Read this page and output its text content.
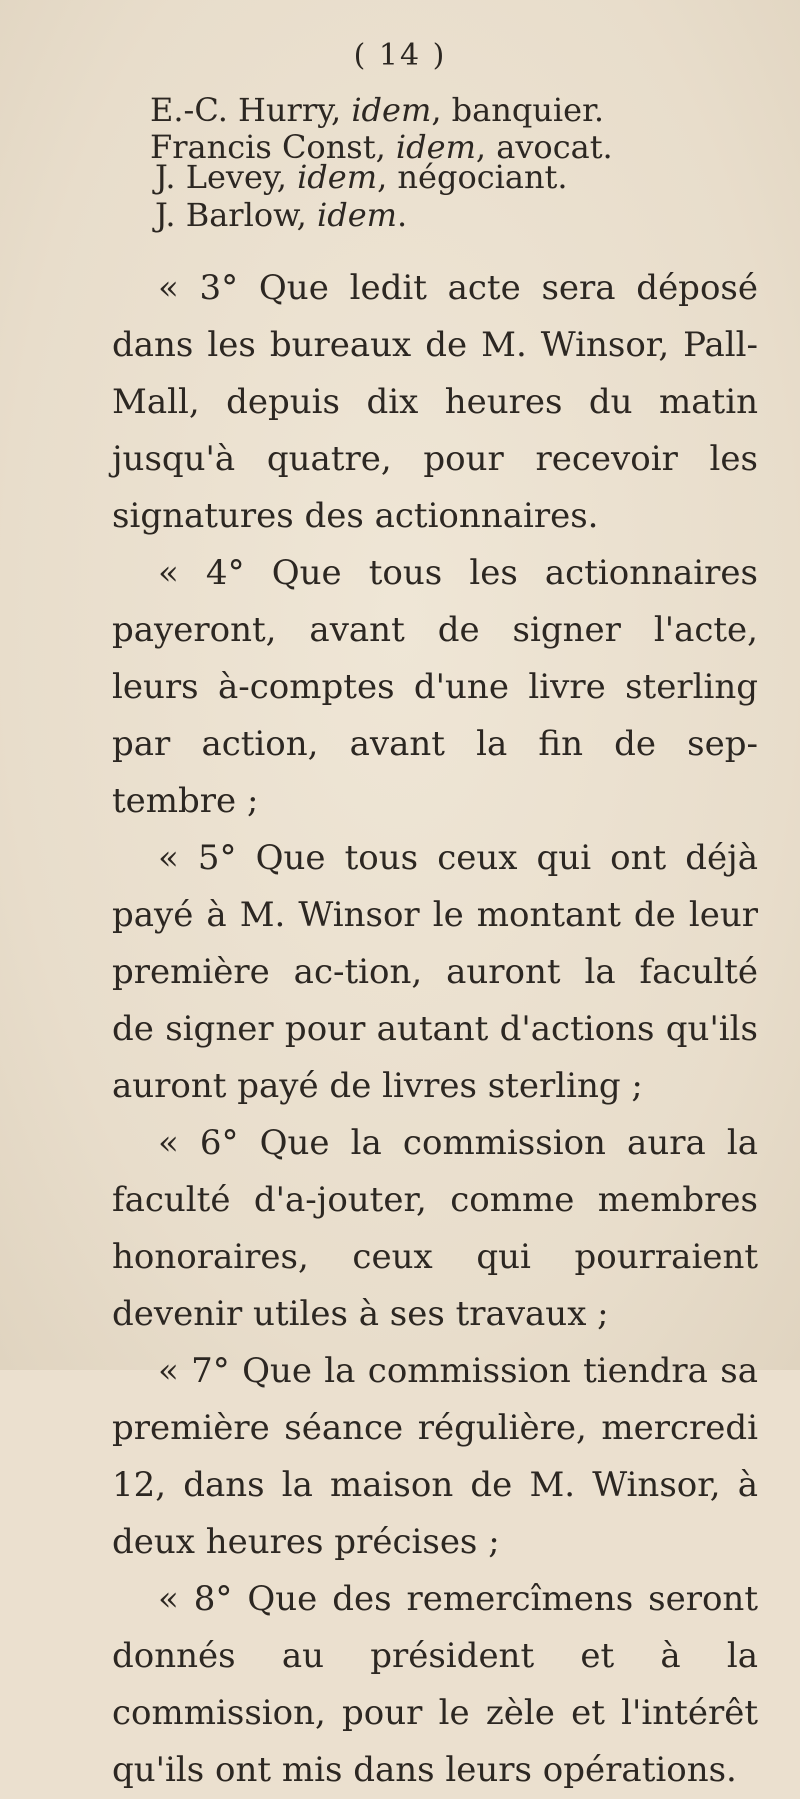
( 14 )
E.-C. Hurry, idem, banquier.
Francis Const, idem, avocat.
J. Levey, idem, négociant.
J. Barlow, idem.

« 3° Que ledit acte sera déposé dans les bureaux de M. Winsor, Pall-Mall, depuis dix heures du matin jusqu'à quatre, pour recevoir les signatures des actionnaires.

« 4° Que tous les actionnaires payeront, avant de signer l'acte, leurs à-comptes d'une livre sterling par action, avant la fin de sep-tembre ;

« 5° Que tous ceux qui ont déjà payé à M. Winsor le montant de leur première ac-tion, auront la faculté de signer pour autant d'actions qu'ils auront payé de livres sterling ;

« 6° Que la commission aura la faculté d'a-jouter, comme membres honoraires, ceux qui pourraient devenir utiles à ses travaux ;

« 7° Que la commission tiendra sa première séance régulière, mercredi 12, dans la maison de M. Winsor, à deux heures précises ;

« 8° Que des remercîmens seront donnés au président et à la commission, pour le zèle et l'intérêt qu'ils ont mis dans leurs opérations.
